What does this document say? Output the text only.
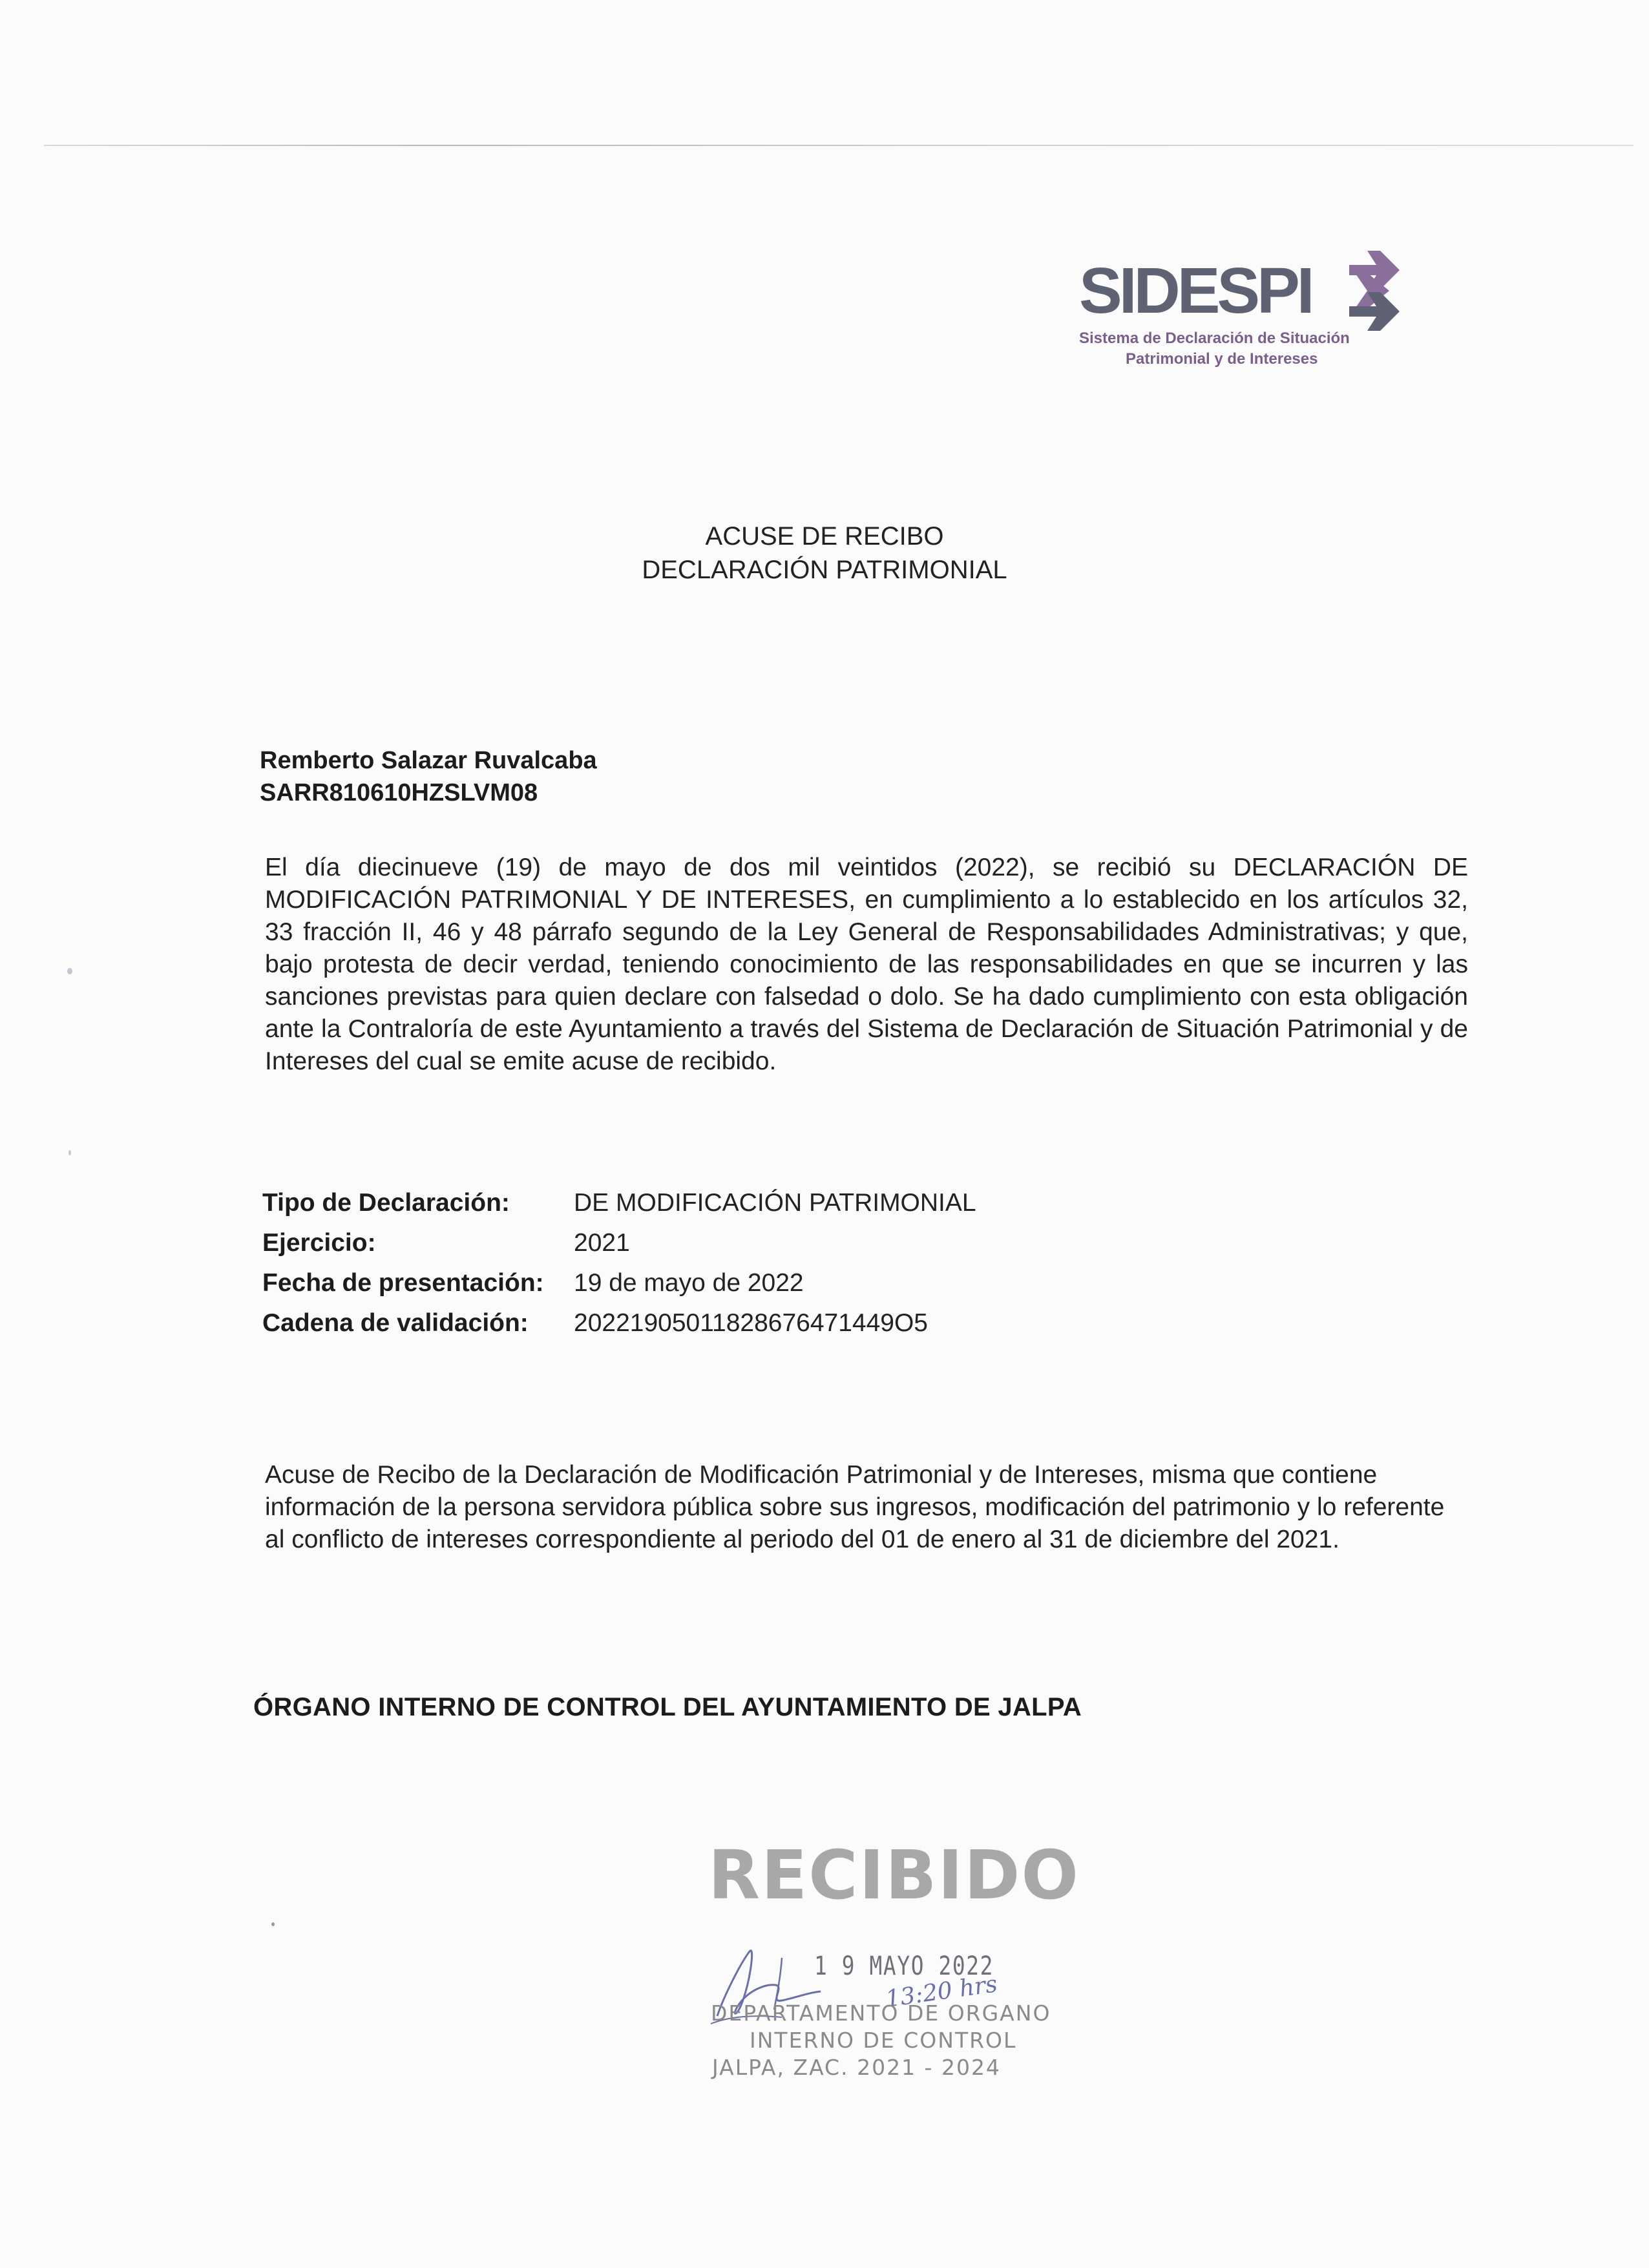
SIDESPI
Sistema de Declaración de Situación
Patrimonial y de Intereses
ACUSE DE RECIBO
DECLARACIÓN PATRIMONIAL
Remberto Salazar Ruvalcaba
SARR810610HZSLVM08
El día diecinueve (19) de mayo de dos mil veintidos (2022), se recibió su DECLARACIÓN DE MODIFICACIÓN PATRIMONIAL Y DE INTERESES, en cumplimiento a lo establecido en los artículos 32, 33 fracción II, 46 y 48 párrafo segundo de la Ley General de Responsabilidades Administrativas; y que, bajo protesta de decir verdad, teniendo conocimiento de las responsabilidades en que se incurren y las sanciones previstas para quien declare con falsedad o dolo. Se ha dado cumplimiento con esta obligación ante la Contraloría de este Ayuntamiento a través del Sistema de Declaración de Situación Patrimonial y de Intereses del cual se emite acuse de recibido.
Tipo de Declaración:	DE MODIFICACIÓN PATRIMONIAL
Ejercicio:	2021
Fecha de presentación: 19 de mayo de 2022
Cadena de validación: 20221905011828676471449O5
Acuse de Recibo de la Declaración de Modificación Patrimonial y de Intereses, misma que contiene información de la persona servidora pública sobre sus ingresos, modificación del patrimonio y lo referente al conflicto de intereses correspondiente al periodo del 01 de enero al 31 de diciembre del 2021.
ÓRGANO INTERNO DE CONTROL DEL AYUNTAMIENTO DE JALPA
RECIBIDO
1 9 MAYO 2022
13:20 hrs
DEPARTAMENTO DE ORGANO
INTERNO DE CONTROL
JALPA, ZAC. 2021 - 2024
